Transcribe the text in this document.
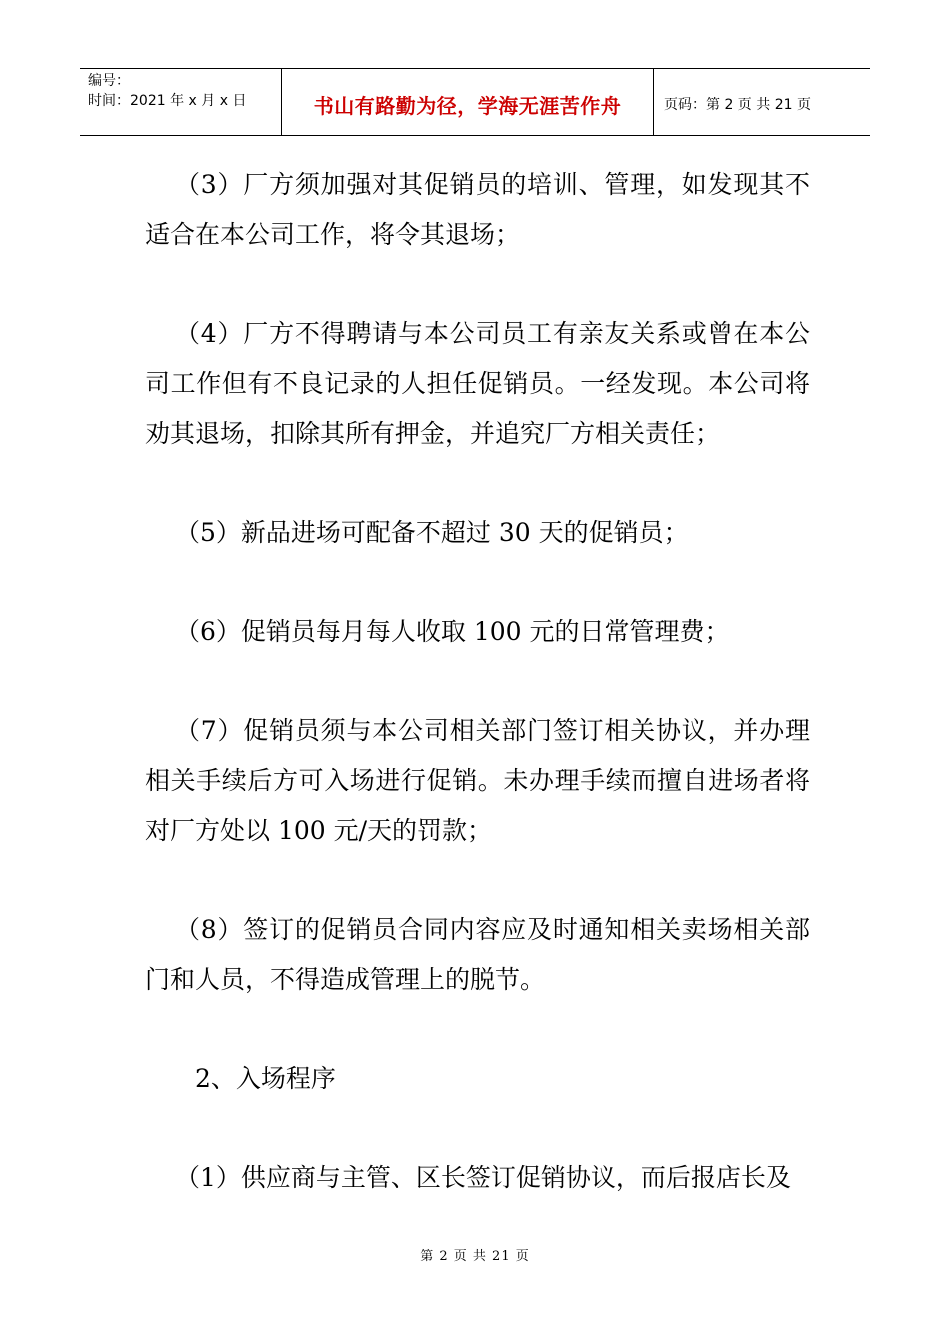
编号：
时间：2021 年 x 月 x 日	书山有路勤为径，学海无涯苦作舟	页码：第 2 页 共 21 页

（3）厂方须加强对其促销员的培训、管理，如发现其不适合在本公司工作，将令其退场；

（4）厂方不得聘请与本公司员工有亲友关系或曾在本公司工作但有不良记录的人担任促销员。一经发现。本公司将劝其退场，扣除其所有押金，并追究厂方相关责任；

（5）新品进场可配备不超过 30 天的促销员；

（6）促销员每月每人收取 100 元的日常管理费；

（7）促销员须与本公司相关部门签订相关协议，并办理相关手续后方可入场进行促销。未办理手续而擅自进场者将对厂方处以 100 元/天的罚款；

（8）签订的促销员合同内容应及时通知相关卖场相关部门和人员，不得造成管理上的脱节。

2、入场程序

（1）供应商与主管、区长签订促销协议，而后报店长及

第 2 页 共 21 页
